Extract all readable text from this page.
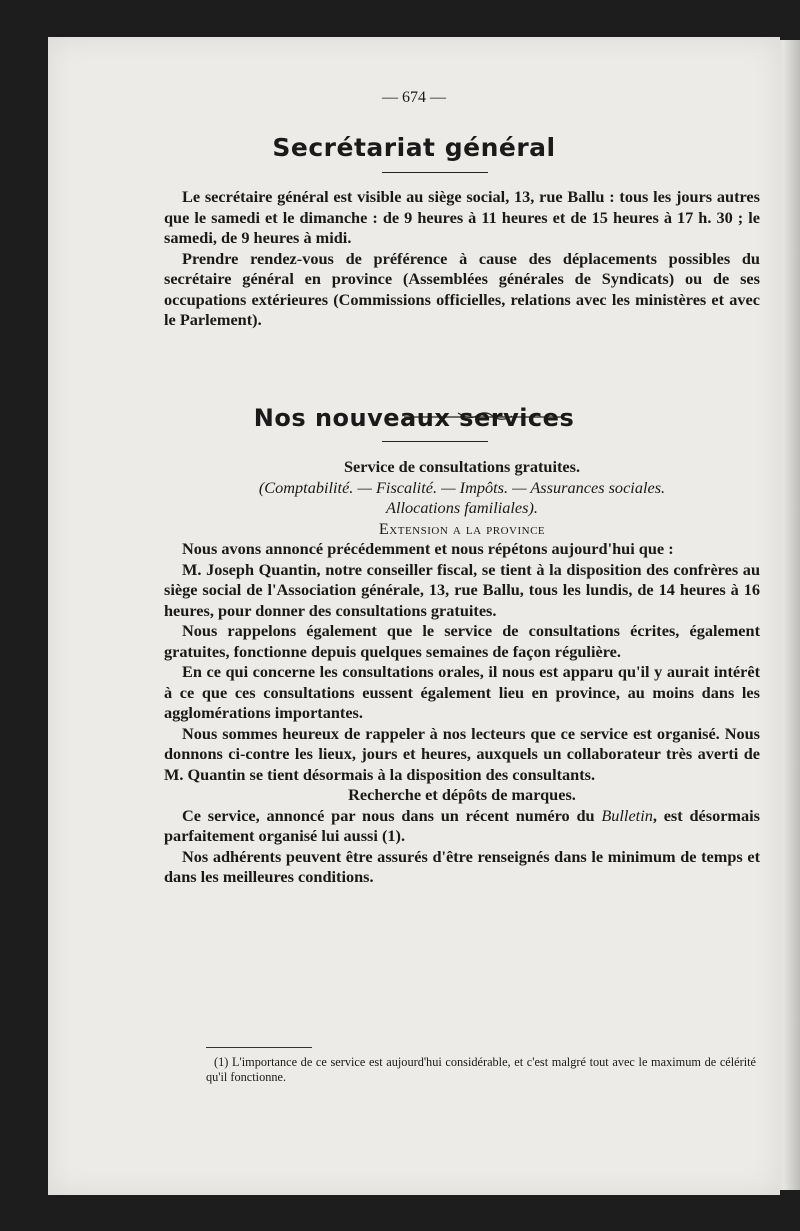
— 674 —
Secrétariat général

Le secrétaire général est visible au siège social, 13, rue Ballu : tous les jours autres que le samedi et le dimanche : de 9 heures à 11 heures et de 15 heures à 17 h. 30 ; le samedi, de 9 heures à midi.

Prendre rendez-vous de préférence à cause des déplacements possibles du secrétaire général en province (Assemblées générales de Syndicats) ou de ses occupations extérieures (Commissions officielles, relations avec les ministères et avec le Parlement).

Nos nouveaux services

Service de consultations gratuites.

(Comptabilité. — Fiscalité. — Impôts. — Assurances sociales.

Allocations familiales).

Extension a la province

Nous avons annoncé précédemment et nous répétons aujourd'hui que :

M. Joseph Quantin, notre conseiller fiscal, se tient à la disposition des confrères au siège social de l'Association générale, 13, rue Ballu, tous les lundis, de 14 heures à 16 heures, pour donner des consultations gratuites.

Nous rappelons également que le service de consultations écrites, également gratuites, fonctionne depuis quelques semaines de façon régulière.

En ce qui concerne les consultations orales, il nous est apparu qu'il y aurait intérêt à ce que ces consultations eussent également lieu en province, au moins dans les agglomérations importantes.

Nous sommes heureux de rappeler à nos lecteurs que ce service est organisé. Nous donnons ci-contre les lieux, jours et heures, auxquels un collaborateur très averti de M. Quantin se tient désormais à la disposition des consultants.

Recherche et dépôts de marques.

Ce service, annoncé par nous dans un récent numéro du Bulletin, est désormais parfaitement organisé lui aussi (1).

Nos adhérents peuvent être assurés d'être renseignés dans le minimum de temps et dans les meilleures conditions.

(1) L'importance de ce service est aujourd'hui considérable, et c'est malgré tout avec le maximum de célérité qu'il fonctionne.
